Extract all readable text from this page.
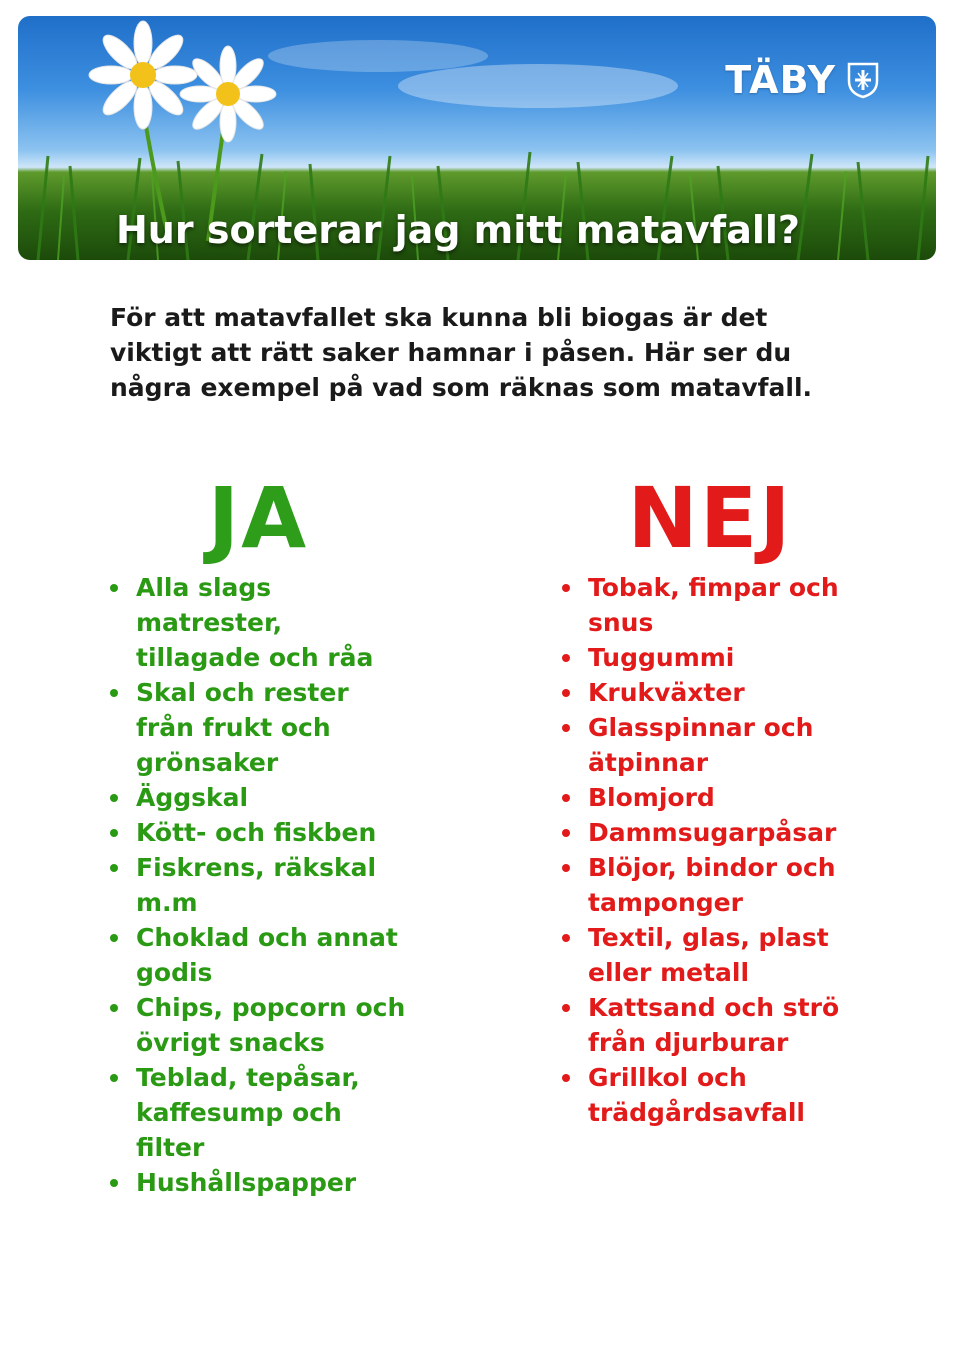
TÄBY
Hur sorterar jag mitt matavfall?
För att matavfallet ska kunna bli biogas är det viktigt att rätt saker hamnar i påsen. Här ser du några exempel på vad som räknas som matavfall.
JA
Alla slags matrester, tillagade och råa
Skal och rester från frukt och grönsaker
Äggskal
Kött- och fiskben
Fiskrens, räkskal m.m
Choklad och annat godis
Chips, popcorn och övrigt snacks
Teblad, tepåsar, kaffesump och filter
Hushållspapper
NEJ
Tobak, fimpar och snus
Tuggummi
Krukväxter
Glasspinnar och ätpinnar
Blomjord
Dammsugarpåsar
Blöjor, bindor och tamponger
Textil, glas, plast eller metall
Kattsand och strö från djurburar
Grillkol och trädgårdsavfall
